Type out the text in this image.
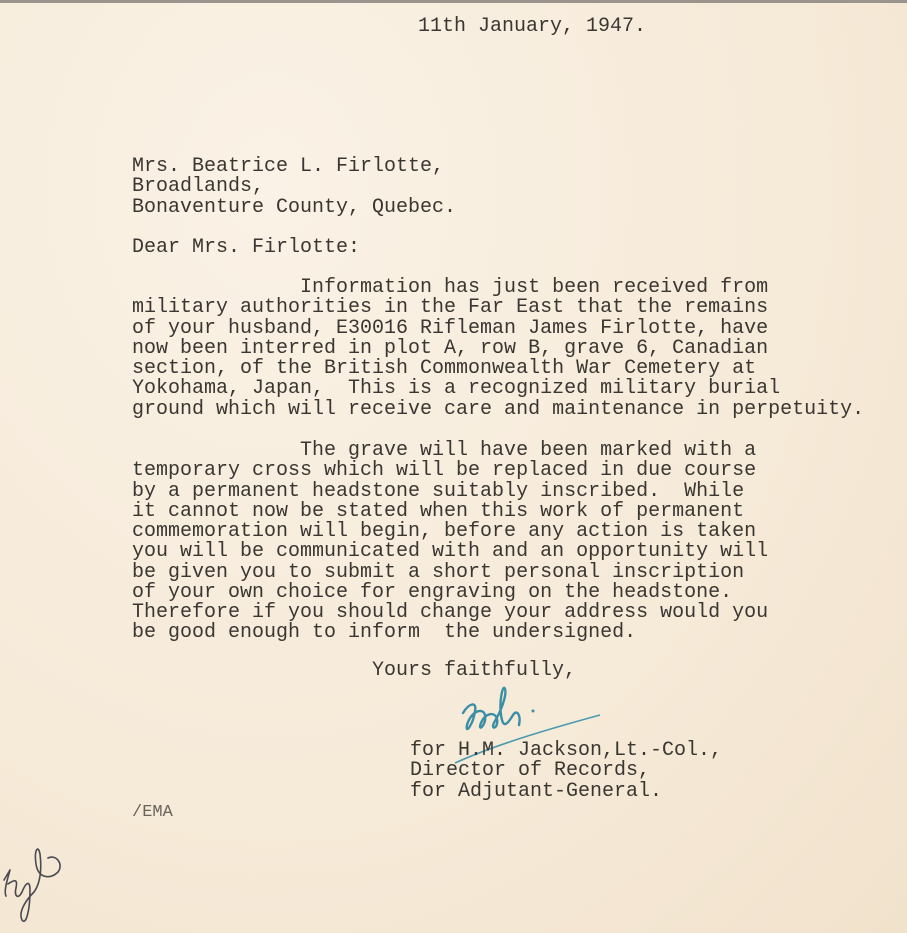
11th January, 1947.
Mrs. Beatrice L. Firlotte,
Broadlands,
Bonaventure County, Quebec.
Dear Mrs. Firlotte:
Information has just been received from
military authorities in the Far East that the remains
of your husband, E30016 Rifleman James Firlotte, have
now been interred in plot A, row B, grave 6, Canadian
section, of the British Commonwealth War Cemetery at
Yokohama, Japan,  This is a recognized military burial
ground which will receive care and maintenance in perpetuity.
The grave will have been marked with a
temporary cross which will be replaced in due course
by a permanent headstone suitably inscribed.  While
it cannot now be stated when this work of permanent
commemoration will begin, before any action is taken
you will be communicated with and an opportunity will
be given you to submit a short personal inscription
of your own choice for engraving on the headstone.
Therefore if you should change your address would you
be good enough to inform  the undersigned.
Yours faithfully,
for H.M. Jackson,Lt.-Col.,
Director of Records,
for Adjutant-General.
/EMA
